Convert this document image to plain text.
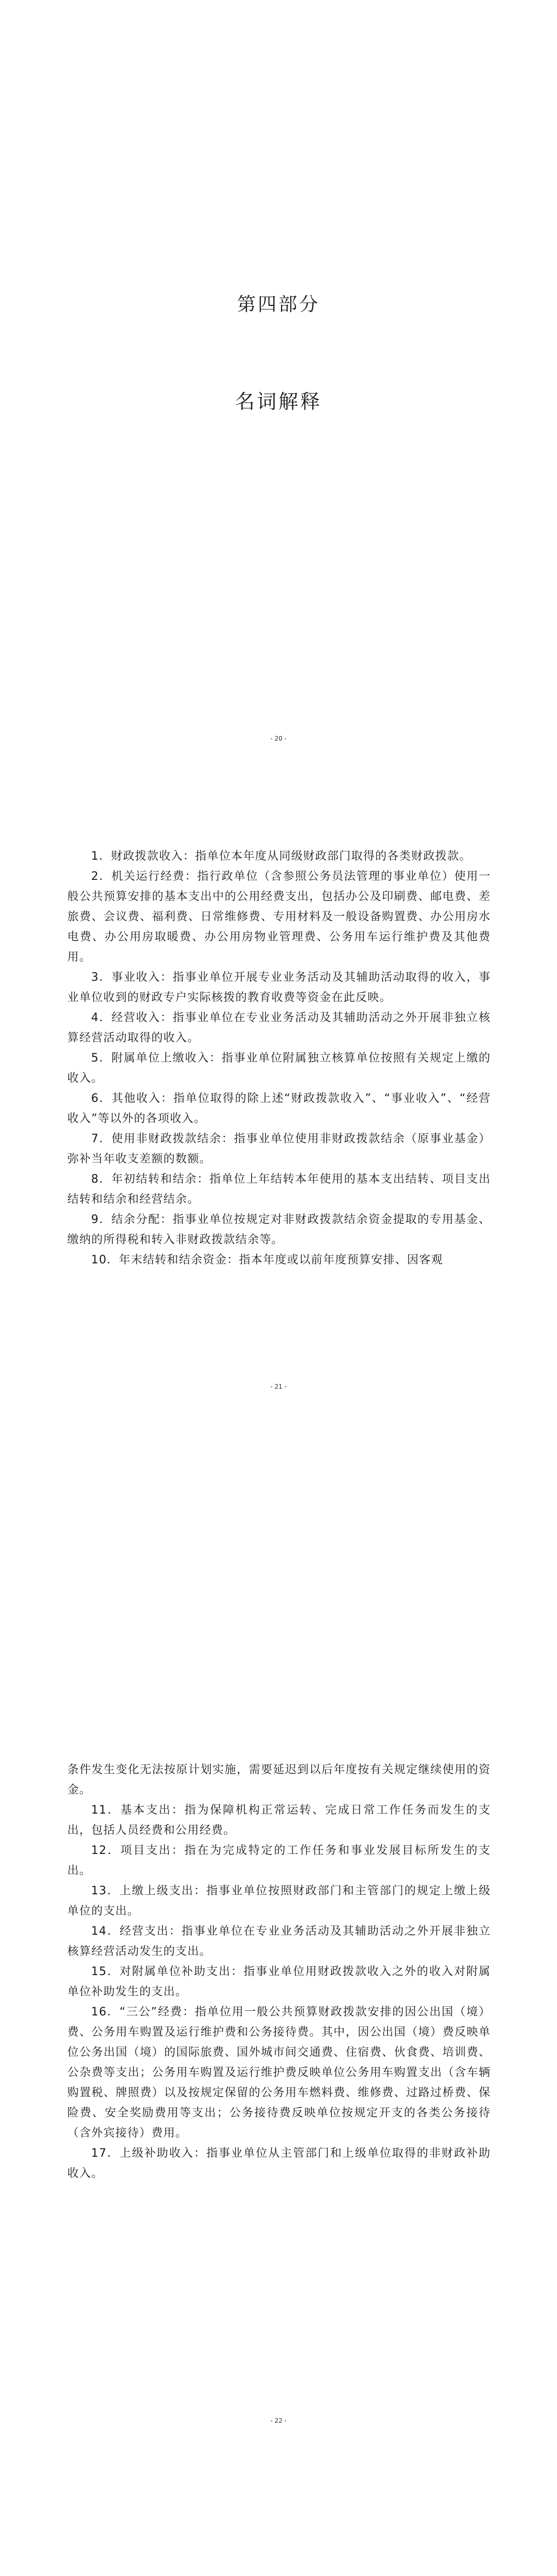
第四部分
名词解释
- 20 -

1．财政拨款收入：指单位本年度从同级财政部门取得的各类财政拨款。

2．机关运行经费：指行政单位（含参照公务员法管理的事业单位）使用一般公共预算安排的基本支出中的公用经费支出，包括办公及印刷费、邮电费、差旅费、会议费、福利费、日常维修费、专用材料及一般设备购置费、办公用房水电费、办公用房取暖费、办公用房物业管理费、公务用车运行维护费及其他费用。

3．事业收入：指事业单位开展专业业务活动及其辅助活动取得的收入，事业单位收到的财政专户实际核拨的教育收费等资金在此反映。

4．经营收入：指事业单位在专业业务活动及其辅助活动之外开展非独立核算经营活动取得的收入。

5．附属单位上缴收入：指事业单位附属独立核算单位按照有关规定上缴的收入。

6．其他收入：指单位取得的除上述“财政拨款收入”、“事业收入”、“经营收入”等以外的各项收入。

7．使用非财政拨款结余：指事业单位使用非财政拨款结余（原事业基金）弥补当年收支差额的数额。

8．年初结转和结余：指单位上年结转本年使用的基本支出结转、项目支出结转和结余和经营结余。

9．结余分配：指事业单位按规定对非财政拨款结余资金提取的专用基金、缴纳的所得税和转入非财政拨款结余等。

10．年末结转和结余资金：指本年度或以前年度预算安排、因客观

- 21 -

条件发生变化无法按原计划实施，需要延迟到以后年度按有关规定继续使用的资金。

11．基本支出：指为保障机构正常运转、完成日常工作任务而发生的支出，包括人员经费和公用经费。

12．项目支出：指在为完成特定的工作任务和事业发展目标所发生的支出。

13．上缴上级支出：指事业单位按照财政部门和主管部门的规定上缴上级单位的支出。

14．经营支出：指事业单位在专业业务活动及其辅助活动之外开展非独立核算经营活动发生的支出。

15．对附属单位补助支出：指事业单位用财政拨款收入之外的收入对附属单位补助发生的支出。

16．“三公”经费：指单位用一般公共预算财政拨款安排的因公出国（境）费、公务用车购置及运行维护费和公务接待费。其中，因公出国（境）费反映单位公务出国（境）的国际旅费、国外城市间交通费、住宿费、伙食费、培训费、公杂费等支出；公务用车购置及运行维护费反映单位公务用车购置支出（含车辆购置税、牌照费）以及按规定保留的公务用车燃料费、维修费、过路过桥费、保险费、安全奖励费用等支出；公务接待费反映单位按规定开支的各类公务接待（含外宾接待）费用。

17．上级补助收入：指事业单位从主管部门和上级单位取得的非财政补助收入。

- 22 -
